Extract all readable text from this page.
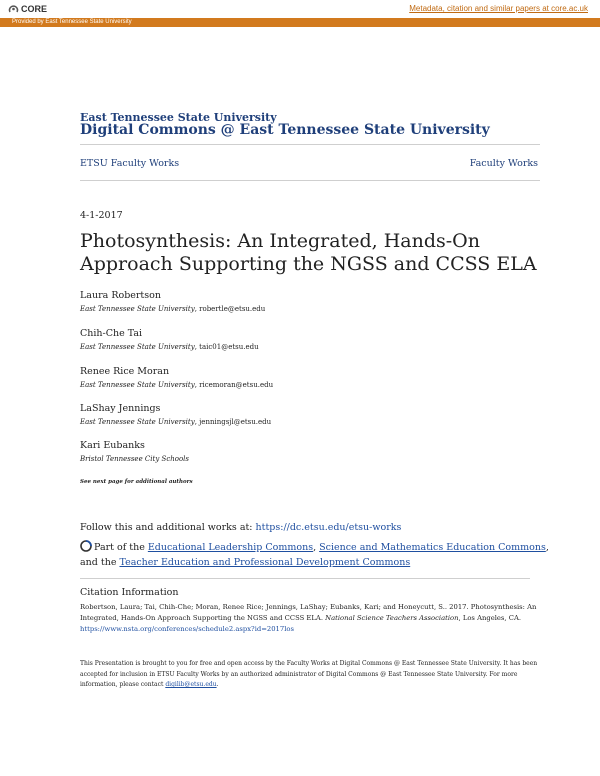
CORE	Metadata, citation and similar papers at core.ac.uk
Provided by East Tennessee State University
East Tennessee State University
Digital Commons @ East Tennessee State University
ETSU Faculty Works	Faculty Works
4-1-2017
Photosynthesis: An Integrated, Hands-On Approach Supporting the NGSS and CCSS ELA
Laura Robertson
East Tennessee State University, robertle@etsu.edu
Chih-Che Tai
East Tennessee State University, taic01@etsu.edu
Renee Rice Moran
East Tennessee State University, ricemoran@etsu.edu
LaShay Jennings
East Tennessee State University, jenningsjl@etsu.edu
Kari Eubanks
Bristol Tennessee City Schools
See next page for additional authors
Follow this and additional works at: https://dc.etsu.edu/etsu-works
Part of the Educational Leadership Commons, Science and Mathematics Education Commons, and the Teacher Education and Professional Development Commons
Citation Information
Robertson, Laura; Tai, Chih-Che; Moran, Renee Rice; Jennings, LaShay; Eubanks, Kari; and Honeycutt, S.. 2017. Photosynthesis: An Integrated, Hands-On Approach Supporting the NGSS and CCSS ELA. National Science Teachers Association, Los Angeles, CA.
https://www.nsta.org/conferences/schedule2.aspx?id=2017los
This Presentation is brought to you for free and open access by the Faculty Works at Digital Commons @ East Tennessee State University. It has been accepted for inclusion in ETSU Faculty Works by an authorized administrator of Digital Commons @ East Tennessee State University. For more information, please contact digilib@etsu.edu.
